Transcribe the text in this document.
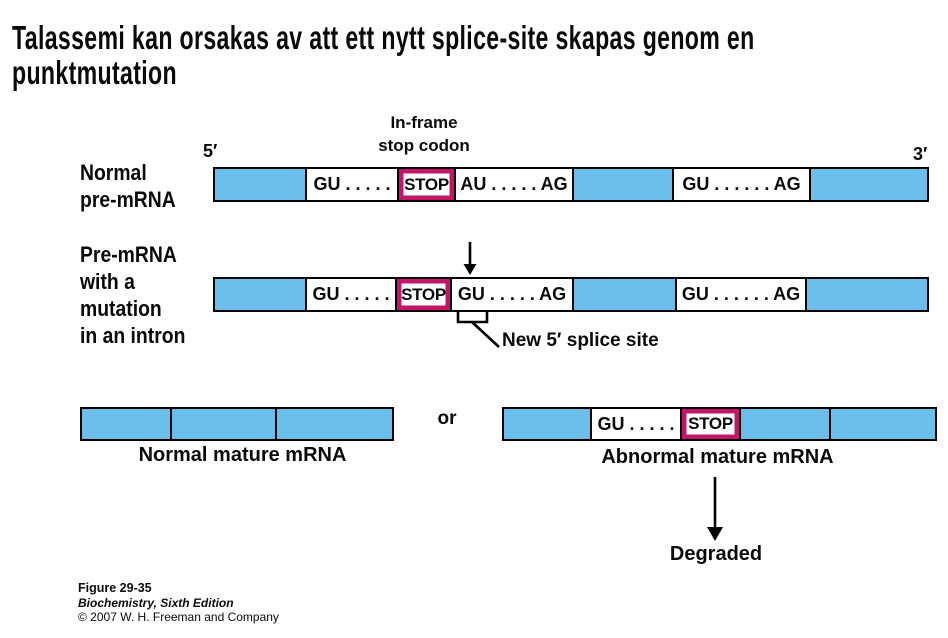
Talassemi kan orsakas av att ett nytt splice-site skapas genom en
punktmutation
In-frame
stop codon
5′	3′
Normal
pre-mRNA
Pre-mRNA
with a
mutation
in an intron
GU . . . . . STOP AU . . . . . AG	GU . . . . . . AG
GU . . . . . STOP GU . . . . . AG	GU . . . . . . AG
GU . . . . . STOP
New 5′ splice site
or
Normal mature mRNA	Abnormal mature mRNA
Degraded
Figure 29-35
Biochemistry, Sixth Edition
© 2007 W. H. Freeman and Company
